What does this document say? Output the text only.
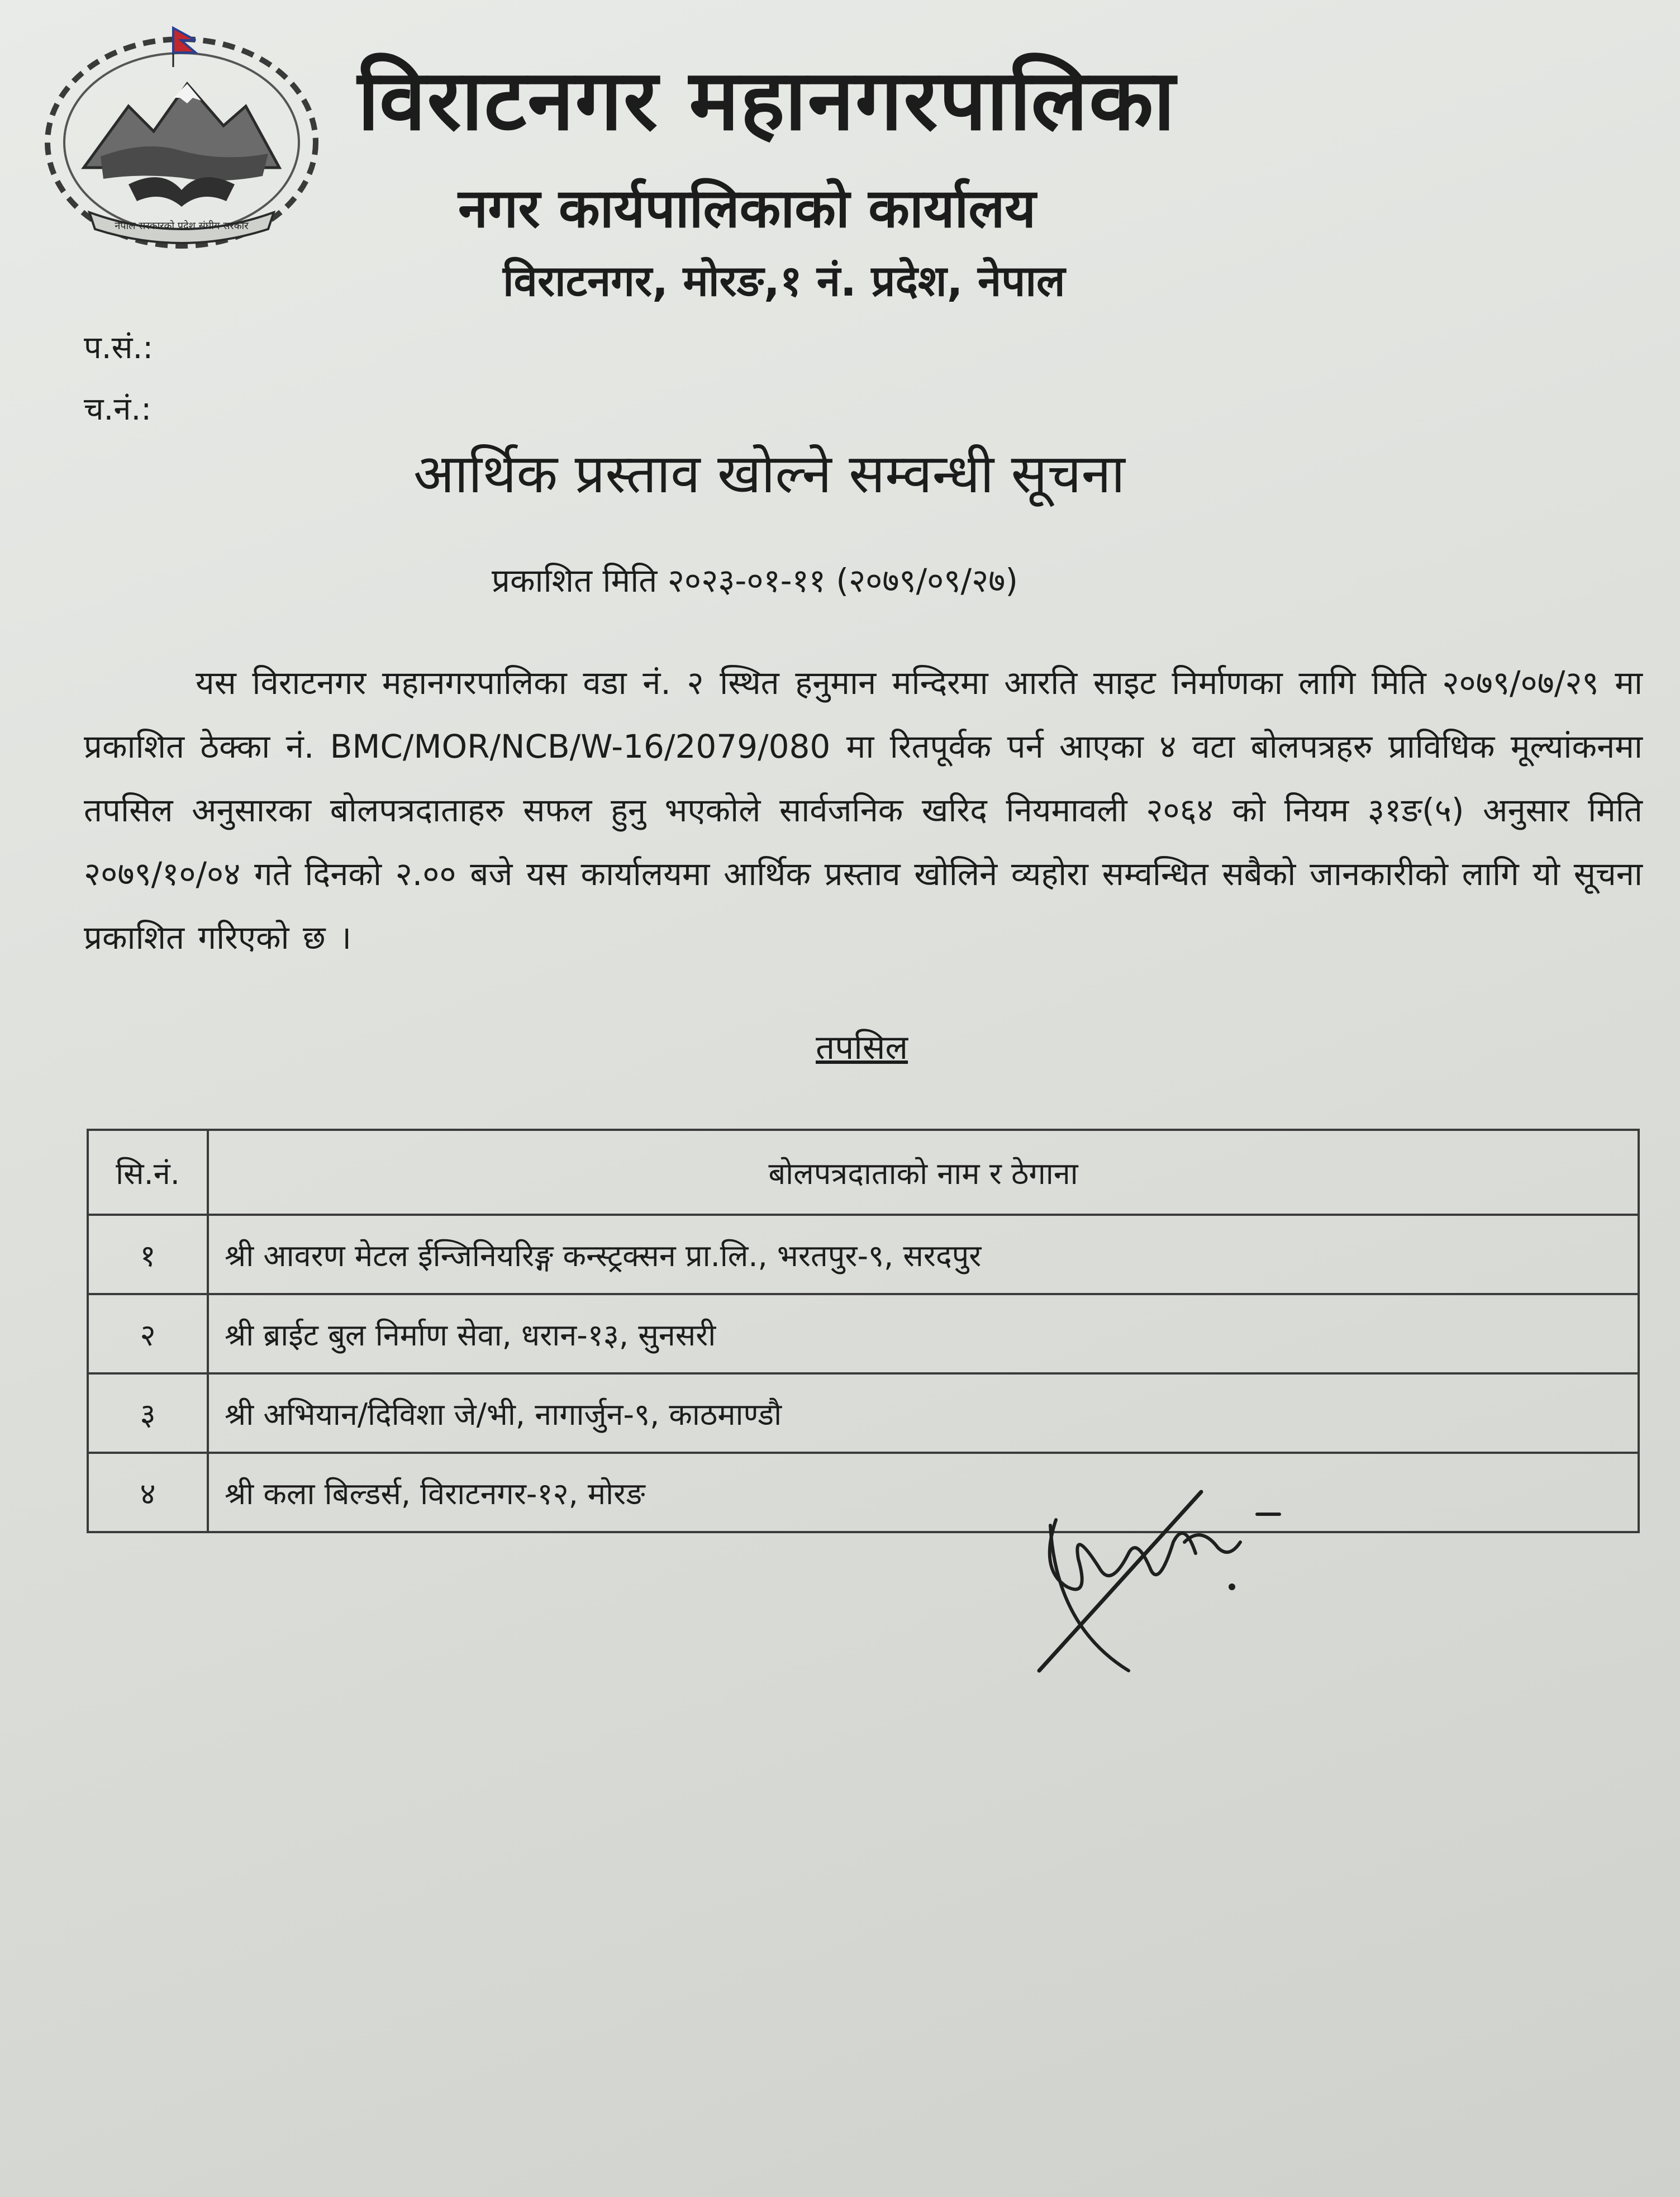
नेपाल सरकारको प्रदेश संघीय सरकार
विराटनगर महानगरपालिका
नगर कार्यपालिकाको कार्यालय
विराटनगर, मोरङ,१ नं. प्रदेश, नेपाल
प.सं.:
च.नं.:
आर्थिक प्रस्ताव खोल्ने सम्वन्धी सूचना
प्रकाशित मिति २०२३-०१-११ (२०७९/०९/२७)

यस विराटनगर महानगरपालिका वडा नं. २ स्थित हनुमान मन्दिरमा आरति साइट निर्माणका लागि मिति २०७९/०७/२९ मा प्रकाशित ठेक्का नं. BMC/MOR/NCB/W-16/2079/080 मा रितपूर्वक पर्न आएका ४ वटा बोलपत्रहरु प्राविधिक मूल्यांकनमा तपसिल अनुसारका बोलपत्रदाताहरु सफल हुनु भएकोले सार्वजनिक खरिद नियमावली २०६४ को नियम ३१ङ(५) अनुसार मिति २०७९/१०/०४ गते दिनको २.०० बजे यस कार्यालयमा आर्थिक प्रस्ताव खोलिने व्यहोरा सम्वन्धित सबैको जानकारीको लागि यो सूचना प्रकाशित गरिएको छ ।

तपसिल
सि.नं.	बोलपत्रदाताको नाम र ठेगाना
१	श्री आवरण मेटल ईन्जिनियरिङ्ग कन्स्ट्रक्सन प्रा.लि., भरतपुर-९, सरदपुर
२	श्री ब्राईट बुल निर्माण सेवा, धरान-१३, सुनसरी
३	श्री अभियान/दिविशा जे/भी, नागार्जुन-९, काठमाण्डौ
४	श्री कला बिल्डर्स, विराटनगर-१२, मोरङ
